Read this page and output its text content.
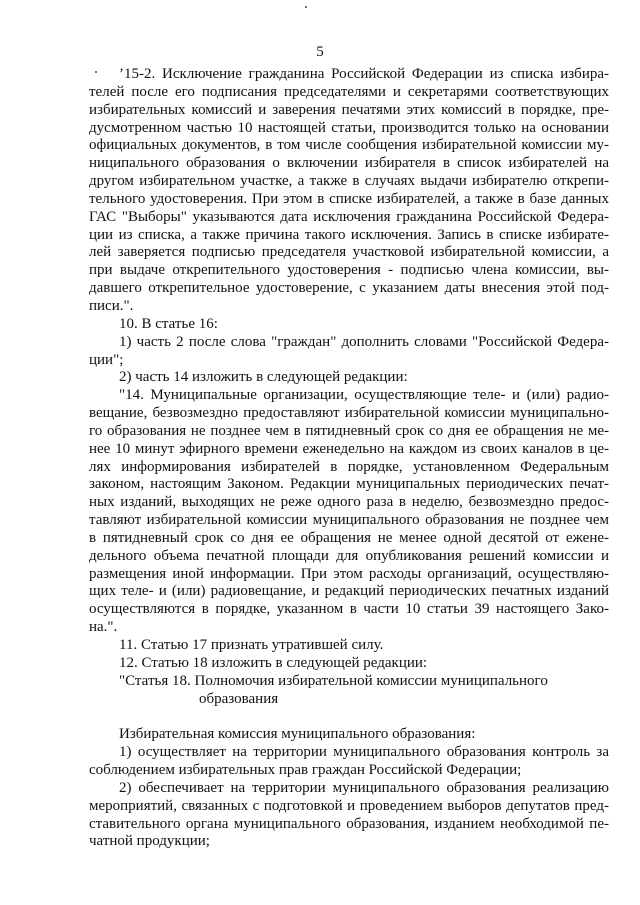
5
’15-2. Исключение гражданина Российской Федерации из списка избира-
телей после его подписания председателями и секретарями соответствующих
избирательных комиссий и заверения печатями этих комиссий в порядке, пре-
дусмотренном частью 10 настоящей статьи, производится только на основании
официальных документов, в том числе сообщения избирательной комиссии му-
ниципального образования о включении избирателя в список избирателей на
другом избирательном участке, а также в случаях выдачи избирателю открепи-
тельного удостоверения. При этом в списке избирателей, а также в базе данных
ГАС "Выборы" указываются дата исключения гражданина Российской Федера-
ции из списка, а также причина такого исключения. Запись в списке избирате-
лей заверяется подписью председателя участковой избирательной комиссии, а
при выдаче открепительного удостоверения - подписью члена комиссии, вы-
давшего открепительное удостоверение, с указанием даты внесения этой под-
писи.".
10. В статье 16:
1) часть 2 после слова "граждан" дополнить словами "Российской Федера-
ции";
2) часть 14 изложить в следующей редакции:
"14. Муниципальные организации, осуществляющие теле- и (или) радио-
вещание, безвозмездно предоставляют избирательной комиссии муниципально-
го образования не позднее чем в пятидневный срок со дня ее обращения не ме-
нее 10 минут эфирного времени еженедельно на каждом из своих каналов в це-
лях информирования избирателей в порядке, установленном Федеральным
законом, настоящим Законом. Редакции муниципальных периодических печат-
ных изданий, выходящих не реже одного раза в неделю, безвозмездно предос-
тавляют избирательной комиссии муниципального образования не позднее чем
в пятидневный срок со дня ее обращения не менее одной десятой от еженe-
дельного объема печатной площади для опубликования решений комиссии и
размещения иной информации. При этом расходы организаций, осуществляю-
щих теле- и (или) радиовещание, и редакций периодических печатных изданий
осуществляются в порядке, указанном в части 10 статьи 39 настоящего Зако-
на.".
11. Статью 17 признать утратившей силу.
12. Статью 18 изложить в следующей редакции:
"Статья 18. Полномочия избирательной комиссии муниципального
образования
Избирательная комиссия муниципального образования:
1) осуществляет на территории муниципального образования контроль за
соблюдением избирательных прав граждан Российской Федерации;
2) обеспечивает на территории муниципального образования реализацию
мероприятий, связанных с подготовкой и проведением выборов депутатов пред-
ставительного органа муниципального образования, изданием необходимой пе-
чатной продукции;
